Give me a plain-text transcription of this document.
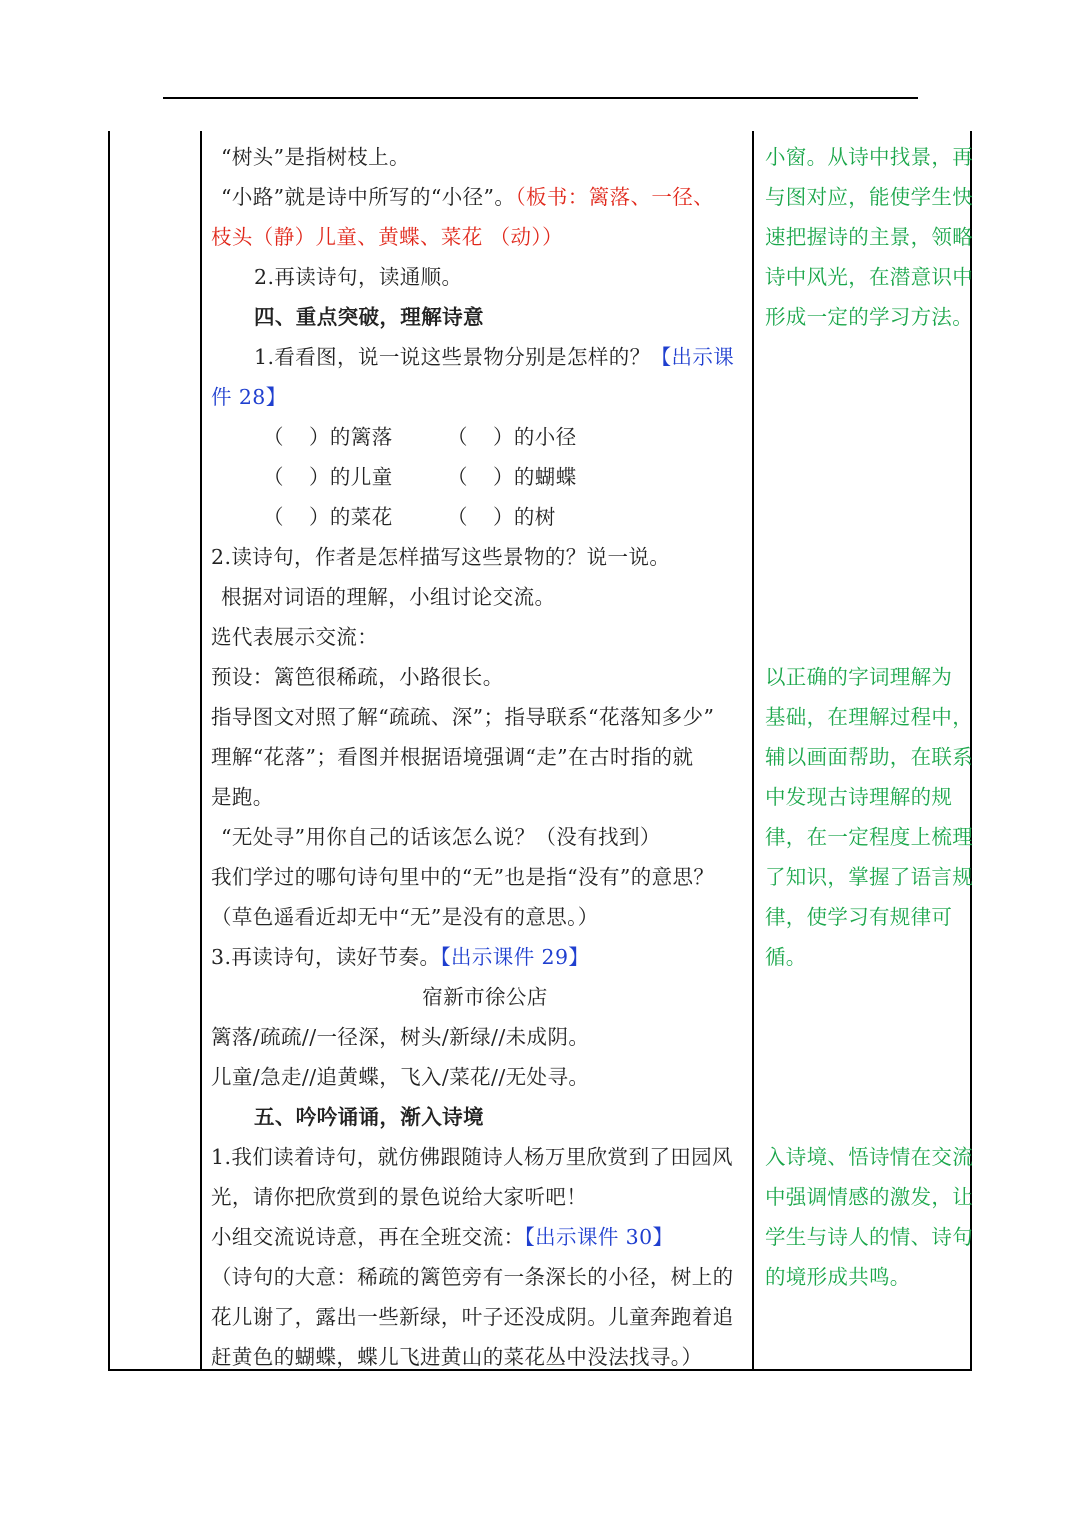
“树头”是指树枝上。
“小路”就是诗中所写的“小径”。（板书：篱落、一径、
枝头（静）儿童、黄蝶、菜花 （动））
2.再读诗句，读通顺。
四、重点突破，理解诗意
1.看看图，说一说这些景物分别是怎样的？【出示课
件 28】
（ ）的篱落	（ ）的小径
（ ）的儿童	（ ）的蝴蝶
（ ）的菜花	（ ）的树
2.读诗句，作者是怎样描写这些景物的？说一说。
根据对词语的理解，小组讨论交流。
选代表展示交流：
预设：篱笆很稀疏，小路很长。
指导图文对照了解“疏疏、深”；指导联系“花落知多少”
理解“花落”；看图并根据语境强调“走”在古时指的就
是跑。
“无处寻”用你自己的话该怎么说？（没有找到）
我们学过的哪句诗句里中的“无”也是指“没有”的意思？
（草色遥看近却无中“无”是没有的意思。）
3.再读诗句，读好节奏。【出示课件 29】
宿新市徐公店
篱落/疏疏//一径深，树头/新绿//未成阴。
儿童/急走//追黄蝶，飞入/菜花//无处寻。
五、吟吟诵诵，渐入诗境
1.我们读着诗句，就仿佛跟随诗人杨万里欣赏到了田园风
光，请你把欣赏到的景色说给大家听吧！
小组交流说诗意，再在全班交流：【出示课件 30】
（诗句的大意：稀疏的篱笆旁有一条深长的小径，树上的
花儿谢了，露出一些新绿，叶子还没成阴。儿童奔跑着追
赶黄色的蝴蝶，蝶儿飞进黄山的菜花丛中没法找寻。）
小窗。从诗中找景，再
与图对应，能使学生快
速把握诗的主景，领略
诗中风光，在潜意识中
形成一定的学习方法。
以正确的字词理解为
基础，在理解过程中，
辅以画面帮助，在联系
中发现古诗理解的规
律，在一定程度上梳理
了知识，掌握了语言规
律，使学习有规律可
循。
入诗境、悟诗情在交流
中强调情感的激发，让
学生与诗人的情、诗句
的境形成共鸣。
